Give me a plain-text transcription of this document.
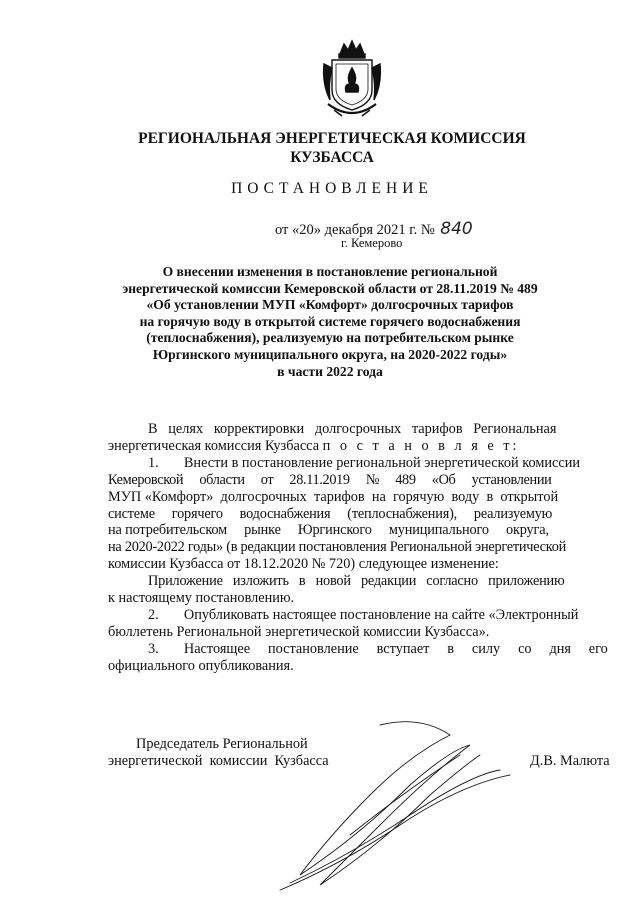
РЕГИОНАЛЬНАЯ ЭНЕРГЕТИЧЕСКАЯ КОМИССИЯ
КУЗБАССА
ПОСТАНОВЛЕНИЕ
от «20» декабря 2021 г. № 840
г. Кемерово
О внесении изменения в постановление региональной
энергетической комиссии Кемеровской области от 28.11.2019 № 489
«Об установлении МУП «Комфорт» долгосрочных тарифов
на горячую воду в открытой системе горячего водоснабжения
(теплоснабжения), реализуемую на потребительском рынке
Юргинского муниципального округа, на 2020-2022 годы»
в части 2022 года
В   целях   корректировки   долгосрочных   тарифов   Региональная
энергетическая комиссия Кузбасса п о с т а н о в л я е т:
1. Внести в постановление региональной энергетической комиссии
Кемеровской     области     от     28.11.2019     №     489     «Об     установлении
МУП «Комфорт»  долгосрочных  тарифов  на  горячую  воду  в  открытой
системе     горячего     водоснабжения     (теплоснабжения),     реализуемую
на потребительском     рынке     Юргинского     муниципального     округа,
на 2020-2022 годы» (в редакции постановления Региональной энергетической
комиссии Кузбасса от 18.12.2020 № 720) следующее изменение:
Приложение   изложить   в   новой   редакции   согласно   приложению
к настоящему постановлению.
2. Опубликовать настоящее постановление на сайте «Электронный
бюллетень Региональной энергетической комиссии Кузбасса».
3. Настоящее     постановление     вступает     в     силу     со     дня     его
официального опубликования.
Председатель Региональной
энергетической  комиссии  Кузбасса	Д.В. Малюта
